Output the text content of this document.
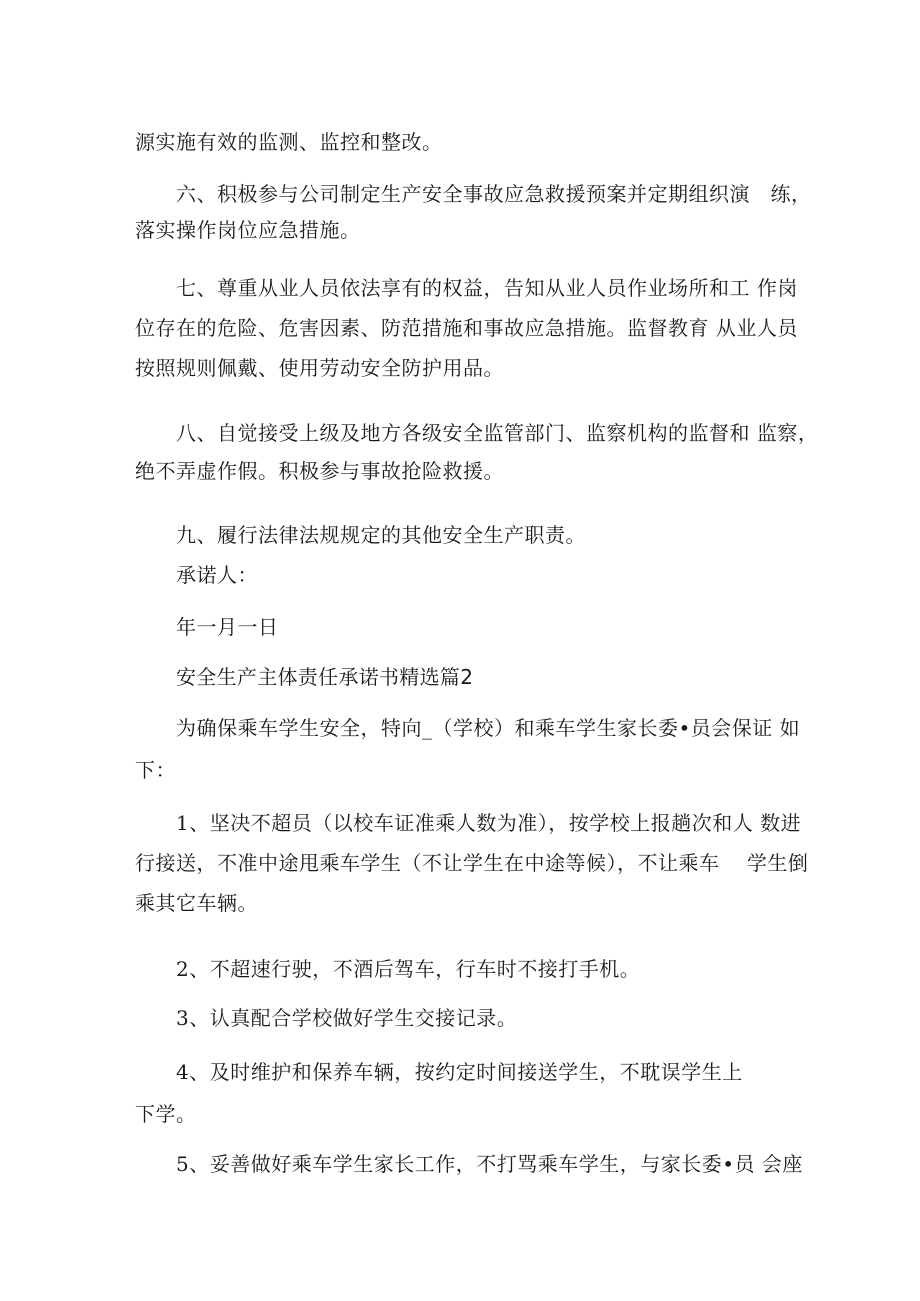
源实施有效的监测、监控和整改。
六、积极参与公司制定生产安全事故应急救援预案并定期组织演　练，
落实操作岗位应急措施。
七、尊重从业人员依法享有的权益，告知从业人员作业场所和工 作岗
位存在的危险、危害因素、防范措施和事故应急措施。监督教育 从业人员
按照规则佩戴、使用劳动安全防护用品。
八、自觉接受上级及地方各级安全监管部门、监察机构的监督和 监察，
绝不弄虚作假。积极参与事故抢险救援。
九、履行法律法规规定的其他安全生产职责。
承诺人：
年一月一日
安全生产主体责任承诺书精选篇2
为确保乘车学生安全，特向_（学校）和乘车学生家长委•员会保证 如
下：
1、坚决不超员（以校车证准乘人数为准），按学校上报趟次和人 数进
行接送，不准中途甩乘车学生（不让学生在中途等候），不让乘车　 学生倒
乘其它车辆。
2、不超速行驶，不酒后驾车，行车时不接打手机。
3、认真配合学校做好学生交接记录。
4、及时维护和保养车辆，按约定时间接送学生，不耽误学生上
下学。
5、妥善做好乘车学生家长工作，不打骂乘车学生，与家长委•员 会座
